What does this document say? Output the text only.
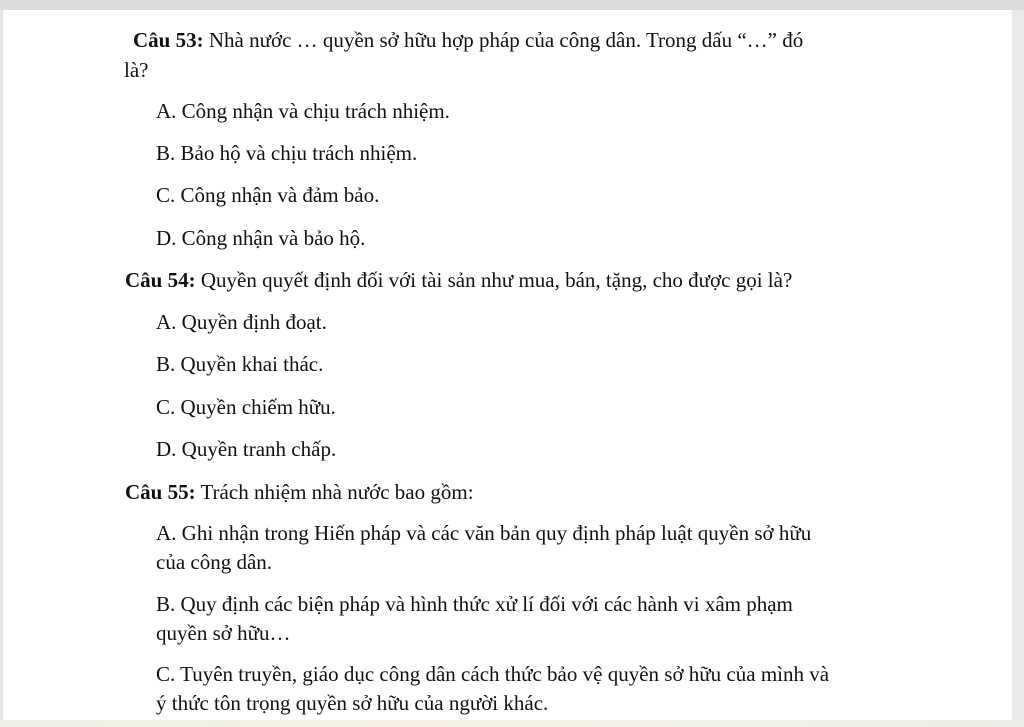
Câu 53: Nhà nước … quyền sở hữu hợp pháp của công dân. Trong dấu “…” đó
là?
A. Công nhận và chịu trách nhiệm.
B. Bảo hộ và chịu trách nhiệm.
C. Công nhận và đảm bảo.
D. Công nhận và bảo hộ.
Câu 54: Quyền quyết định đối với tài sản như mua, bán, tặng, cho được gọi là?
A. Quyền định đoạt.
B. Quyền khai thác.
C. Quyền chiếm hữu.
D. Quyền tranh chấp.
Câu 55: Trách nhiệm nhà nước bao gồm:
A. Ghi nhận trong Hiến pháp và các văn bản quy định pháp luật quyền sở hữu
của công dân.
B. Quy định các biện pháp và hình thức xử lí đối với các hành vi xâm phạm
quyền sở hữu…
C. Tuyên truyền, giáo dục công dân cách thức bảo vệ quyền sở hữu của mình và
ý thức tôn trọng quyền sở hữu của người khác.
